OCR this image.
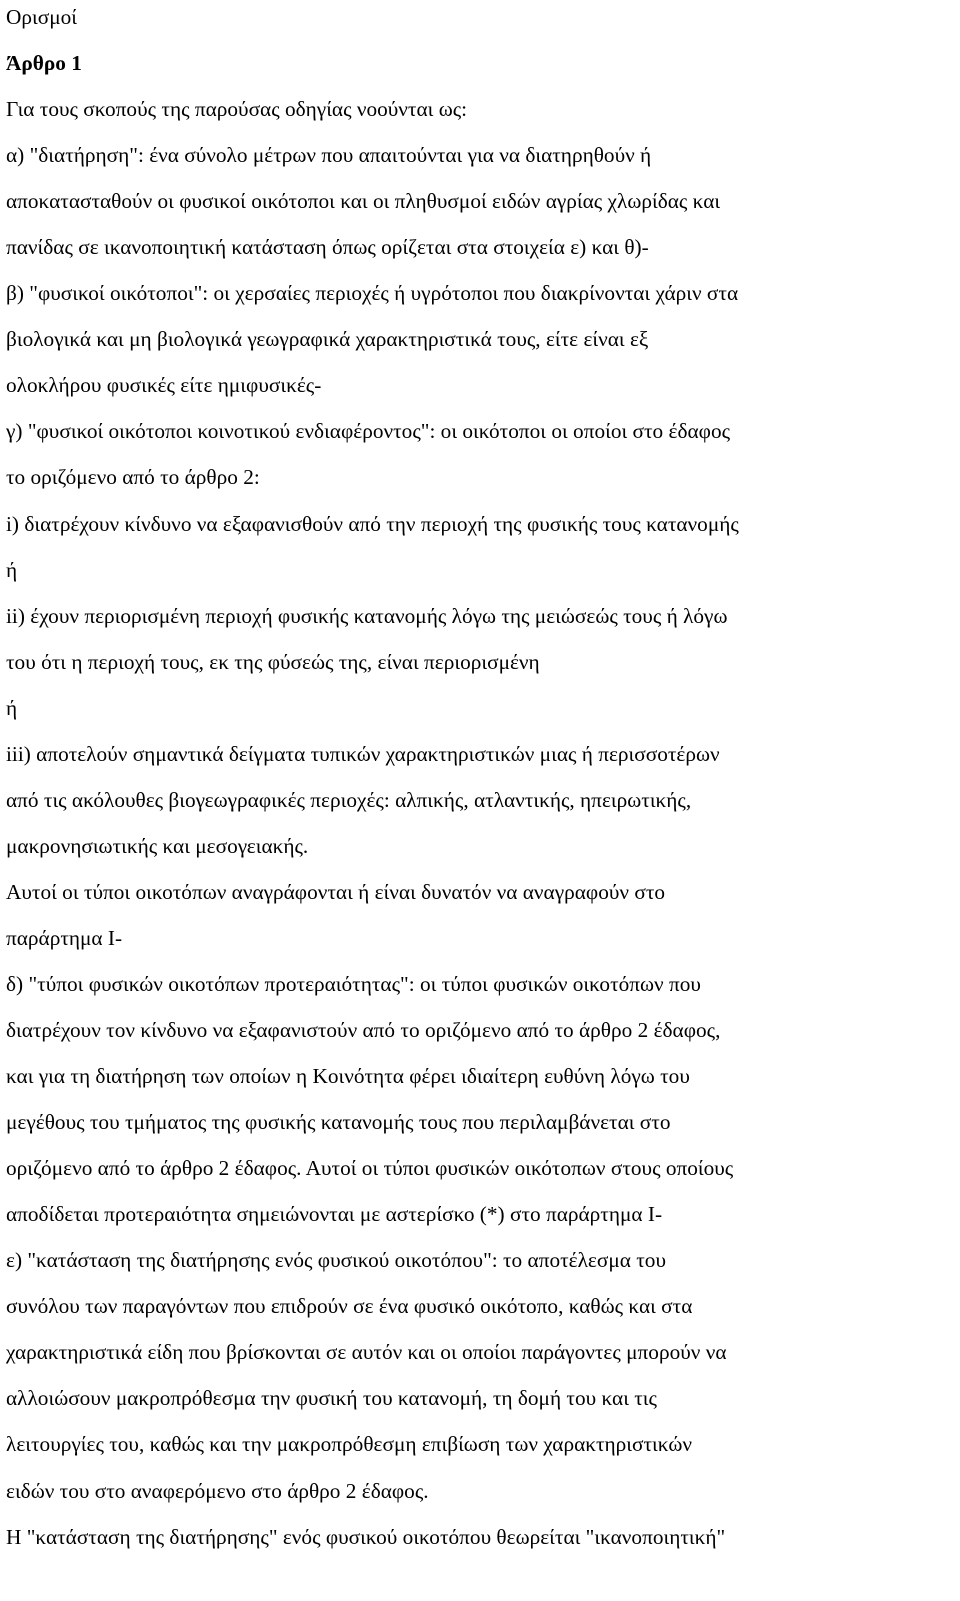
Ορισμοί
Άρθρο 1
Για τους σκοπούς της παρούσας οδηγίας νοούνται ως:
α) "διατήρηση": ένα σύνολο μέτρων που απαιτούνται για να διατηρηθούν ή
αποκατασταθούν οι φυσικοί οικότοποι και οι πληθυσμοί ειδών αγρίας χλωρίδας και
πανίδας σε ικανοποιητική κατάσταση όπως ορίζεται στα στοιχεία ε) και θ)-
β) "φυσικοί οικότοποι": οι χερσαίες περιοχές ή υγρότοποι που διακρίνονται χάριν στα
βιολογικά και μη βιολογικά γεωγραφικά χαρακτηριστικά τους, είτε είναι εξ
ολοκλήρου φυσικές είτε ημιφυσικές-
γ) "φυσικοί οικότοποι κοινοτικού ενδιαφέροντος": οι οικότοποι οι οποίοι στο έδαφος
το οριζόμενο από το άρθρο 2:
i) διατρέχουν κίνδυνο να εξαφανισθούν από την περιοχή της φυσικής τους κατανομής
ή
ii) έχουν περιορισμένη περιοχή φυσικής κατανομής λόγω της μειώσεώς τους ή λόγω
του ότι η περιοχή τους, εκ της φύσεώς της, είναι περιορισμένη
ή
iii) αποτελούν σημαντικά δείγματα τυπικών χαρακτηριστικών μιας ή περισσοτέρων
από τις ακόλουθες βιογεωγραφικές περιοχές: αλπικής, ατλαντικής, ηπειρωτικής,
μακρονησιωτικής και μεσογειακής.
Αυτοί οι τύποι οικοτόπων αναγράφονται ή είναι δυνατόν να αναγραφούν στο
παράρτημα Ι-
δ) "τύποι φυσικών οικοτόπων προτεραιότητας": οι τύποι φυσικών οικοτόπων που
διατρέχουν τον κίνδυνο να εξαφανιστούν από το οριζόμενο από το άρθρο 2 έδαφος,
και για τη διατήρηση των οποίων η Κοινότητα φέρει ιδιαίτερη ευθύνη λόγω του
μεγέθους του τμήματος της φυσικής κατανομής τους που περιλαμβάνεται στο
οριζόμενο από το άρθρο 2 έδαφος. Αυτοί οι τύποι φυσικών οικότοπων στους οποίους
αποδίδεται προτεραιότητα σημειώνονται με αστερίσκο (*) στο παράρτημα Ι-
ε) "κατάσταση της διατήρησης ενός φυσικού οικοτόπου": το αποτέλεσμα του
συνόλου των παραγόντων που επιδρούν σε ένα φυσικό οικότοπο, καθώς και στα
χαρακτηριστικά είδη που βρίσκονται σε αυτόν και οι οποίοι παράγοντες μπορούν να
αλλοιώσουν μακροπρόθεσμα την φυσική του κατανομή, τη δομή του και τις
λειτουργίες του, καθώς και την μακροπρόθεσμη επιβίωση των χαρακτηριστικών
ειδών του στο αναφερόμενο στο άρθρο 2 έδαφος.
Η "κατάσταση της διατήρησης" ενός φυσικού οικοτόπου θεωρείται "ικανοποιητική"
